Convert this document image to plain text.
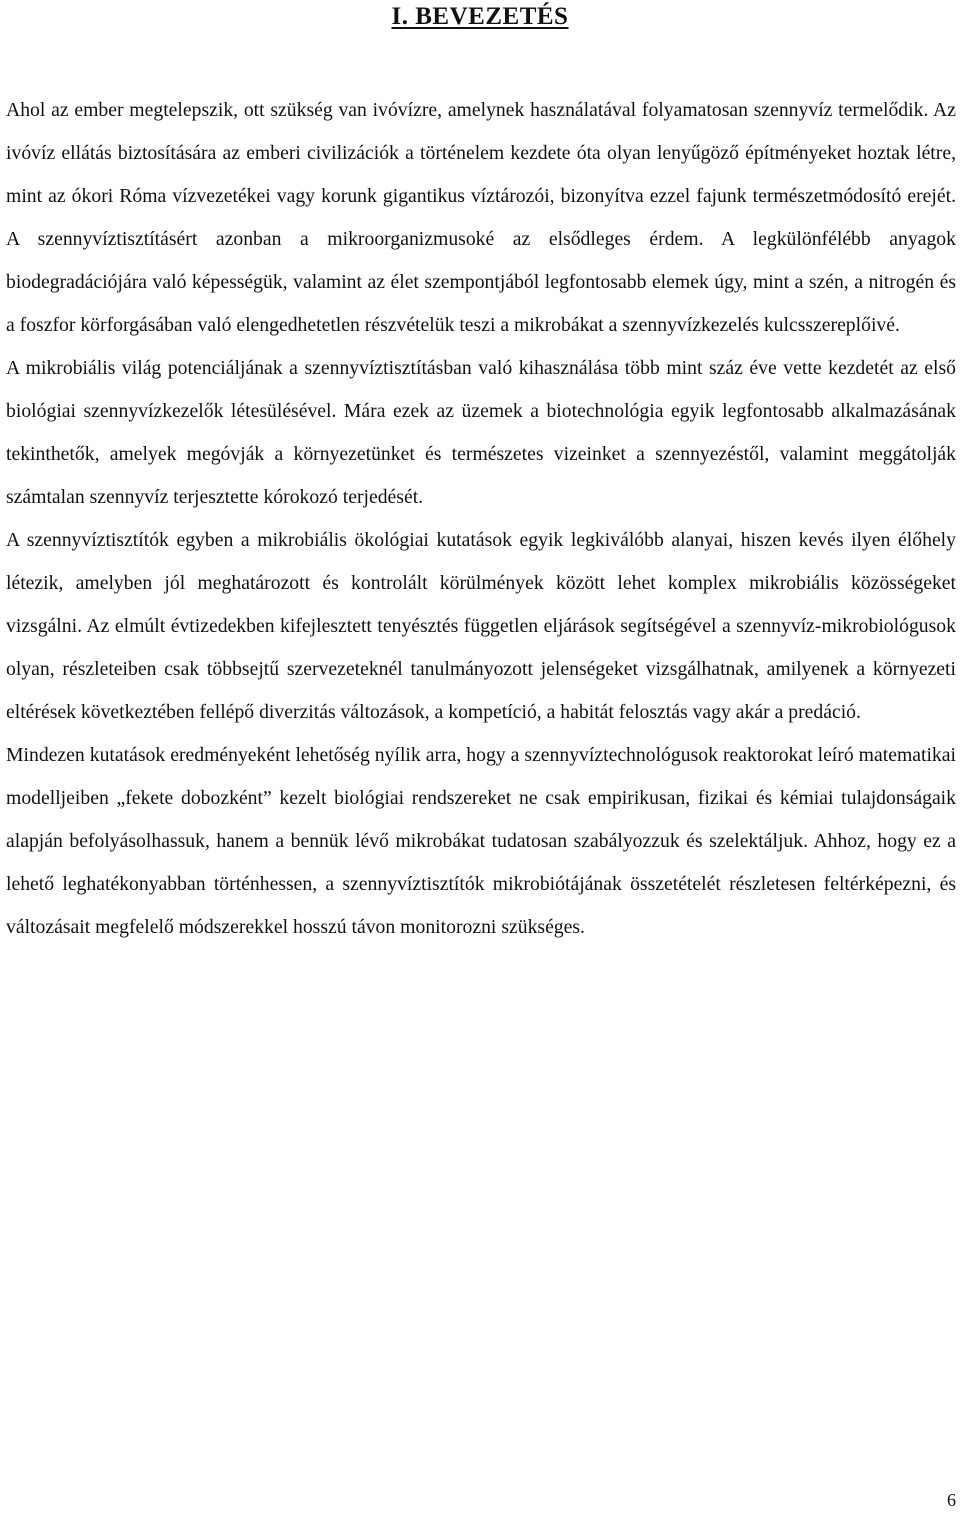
I. BEVEZETÉS

Ahol az ember megtelepszik, ott szükség van ivóvízre, amelynek használatával folyamatosan szennyvíz termelődik. Az ivóvíz ellátás biztosítására az emberi civilizációk a történelem kezdete óta olyan lenyűgöző építményeket hoztak létre, mint az ókori Róma vízvezetékei vagy korunk gigantikus víztározói, bizonyítva ezzel fajunk természetmódosító erejét. A szennyvíztisztításért azonban a mikroorganizmusoké az elsődleges érdem. A legkülönfélébb anyagok biodegradációjára való képességük, valamint az élet szempontjából legfontosabb elemek úgy, mint a szén, a nitrogén és a foszfor körforgásában való elengedhetetlen részvételük teszi a mikrobákat a szennyvízkezelés kulcsszereplőivé.

A mikrobiális világ potenciáljának a szennyvíztisztításban való kihasználása több mint száz éve vette kezdetét az első biológiai szennyvízkezelők létesülésével. Mára ezek az üzemek a biotechnológia egyik legfontosabb alkalmazásának tekinthetők, amelyek megóvják a környezetünket és természetes vizeinket a szennyezéstől, valamint meggátolják számtalan szennyvíz terjesztette kórokozó terjedését.

A szennyvíztisztítók egyben a mikrobiális ökológiai kutatások egyik legkiválóbb alanyai, hiszen kevés ilyen élőhely létezik, amelyben jól meghatározott és kontrolált körülmények között lehet komplex mikrobiális közösségeket vizsgálni. Az elmúlt évtizedekben kifejlesztett tenyésztés független eljárások segítségével a szennyvíz-mikrobiológusok olyan, részleteiben csak többsejtű szervezeteknél tanulmányozott jelenségeket vizsgálhatnak, amilyenek a környezeti eltérések következtében fellépő diverzitás változások, a kompetíció, a habitát felosztás vagy akár a predáció.

Mindezen kutatások eredményeként lehetőség nyílik arra, hogy a szennyvíztechnológusok reaktorokat leíró matematikai modelljeiben „fekete dobozként” kezelt biológiai rendszereket ne csak empirikusan, fizikai és kémiai tulajdonságaik alapján befolyásolhassuk, hanem a bennük lévő mikrobákat tudatosan szabályozzuk és szelektáljuk. Ahhoz, hogy ez a lehető leghatékonyabban történhessen, a szennyvíztisztítók mikrobiótájának összetételét részletesen feltérképezni, és változásait megfelelő módszerekkel hosszú távon monitorozni szükséges.

6
